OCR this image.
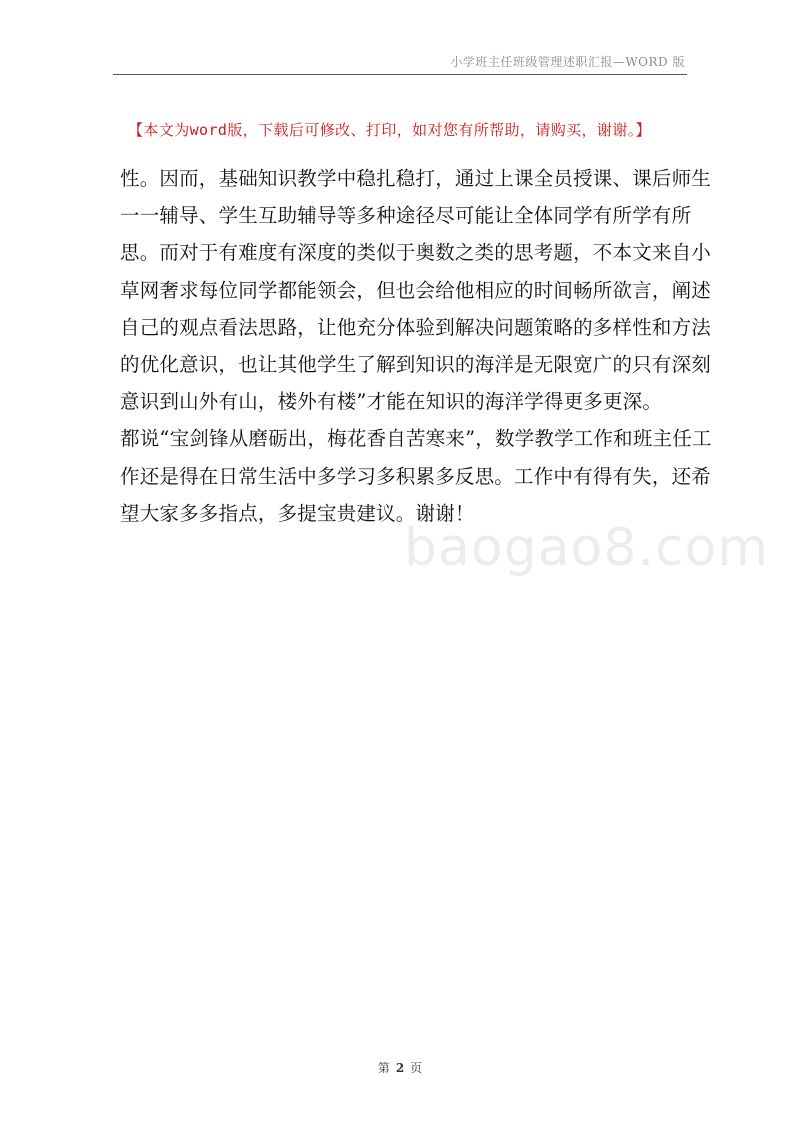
小学班主任班级管理述职汇报—WORD 版
【本文为word版，下载后可修改、打印，如对您有所帮助，请购买，谢谢。】
性。因而，基础知识教学中稳扎稳打，通过上课全员授课、课后师生
一一辅导、学生互助辅导等多种途径尽可能让全体同学有所学有所
思。而对于有难度有深度的类似于奥数之类的思考题，不本文来自小
草网奢求每位同学都能领会，但也会给他相应的时间畅所欲言，阐述
自己的观点看法思路，让他充分体验到解决问题策略的多样性和方法
的优化意识，也让其他学生了解到知识的海洋是无限宽广的只有深刻
意识到山外有山，楼外有楼”才能在知识的海洋学得更多更深。
都说“宝剑锋从磨砺出，梅花香自苦寒来”，数学教学工作和班主任工
作还是得在日常生活中多学习多积累多反思。工作中有得有失，还希
望大家多多指点，多提宝贵建议。谢谢！
baogao8.com
第 2 页
